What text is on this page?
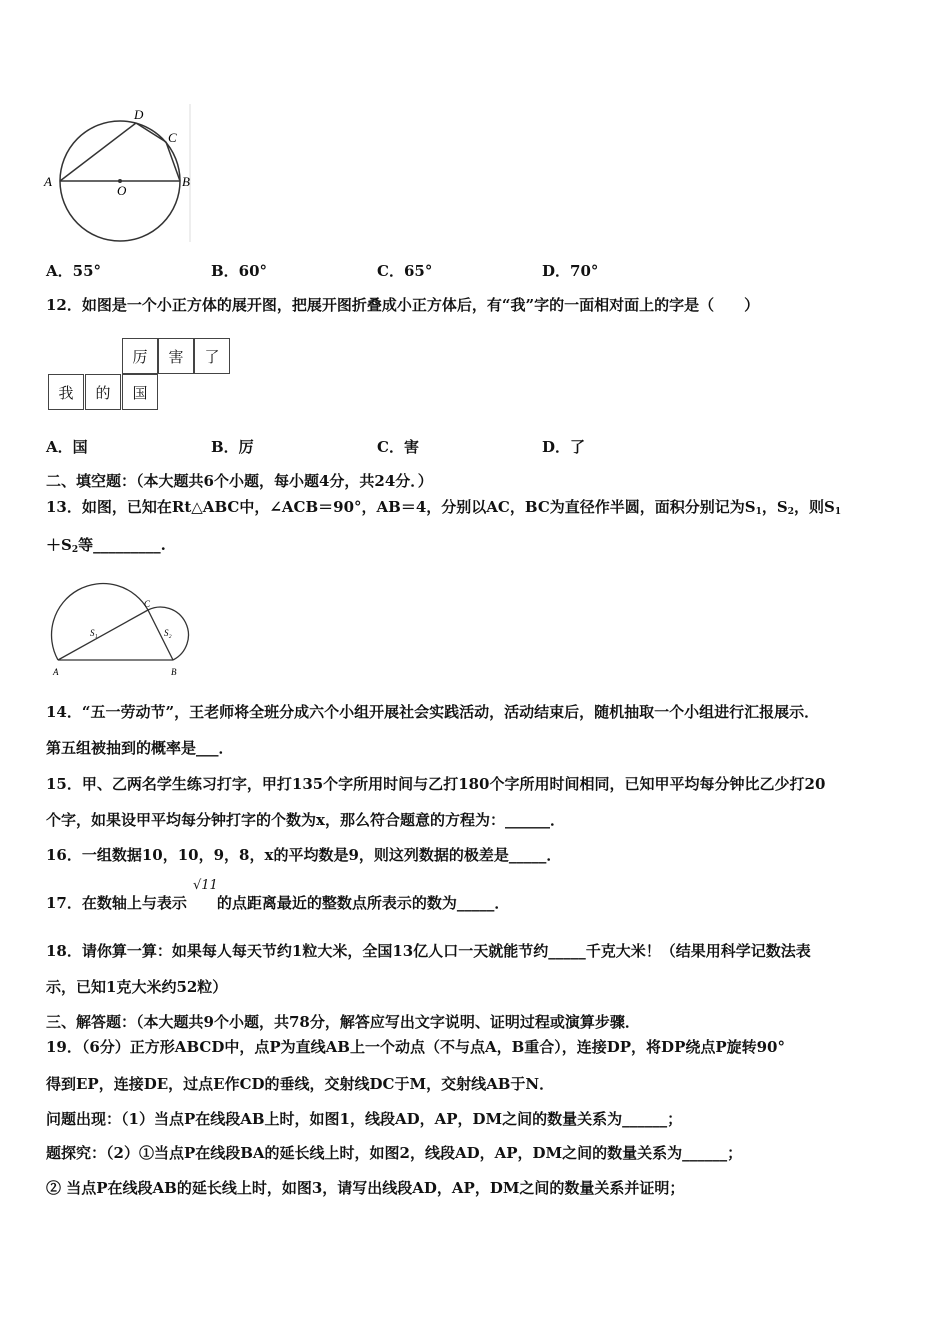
A	B
C
D
O
A．55°	B．60°	C．65°	D．70°
12．如图是一个小正方体的展开图，把展开图折叠成小正方体后，有“我”字的一面相对面上的字是（　　）
厉	害	了
我	的	国
A．国	B．厉	C．害	D．了
二、填空题：（本大题共6个小题，每小题4分，共24分．）
13．如图，已知在Rt△ABC中，∠ACB＝90°，AB＝4，分别以AC，BC为直径作半圆，面积分别记为$S_1$，$S_2$，则$S_1$
$+S_2$等_________.
A	B
C
S₁	S₂
14．“五一劳动节”，王老师将全班分成六个小组开展社会实践活动，活动结束后，随机抽取一个小组进行汇报展示．
第五组被抽到的概率是___．
15．甲、乙两名学生练习打字，甲打135个字所用时间与乙打180个字所用时间相同，已知甲平均每分钟比乙少打20
个字，如果设甲平均每分钟打字的个数为x，那么符合题意的方程为：______．
16．一组数据10，10，9，8，x的平均数是9，则这列数据的极差是_____．
17．在数轴上与表示 的点距离最近的整数点所表示的数为_____．
√11
18．请你算一算：如果每人每天节约1粒大米，全国13亿人口一天就能节约_____千克大米！（结果用科学记数法表
示，已知1克大米约52粒）
三、解答题：（本大题共9个小题，共78分，解答应写出文字说明、证明过程或演算步骤．
19．（6分）正方形ABCD中，点P为直线AB上一个动点（不与点A，B重合），连接DP，将DP绕点P旋转90°
得到EP，连接DE，过点E作CD的垂线，交射线DC于M，交射线AB于N．
问题出现：（1）当点P在线段AB上时，如图1，线段AD，AP，DM之间的数量关系为______；
题探究：（2）①当点P在线段BA的延长线上时，如图2，线段AD，AP，DM之间的数量关系为______；
② 当点P在线段AB的延长线上时，如图3，请写出线段AD，AP，DM之间的数量关系并证明；
